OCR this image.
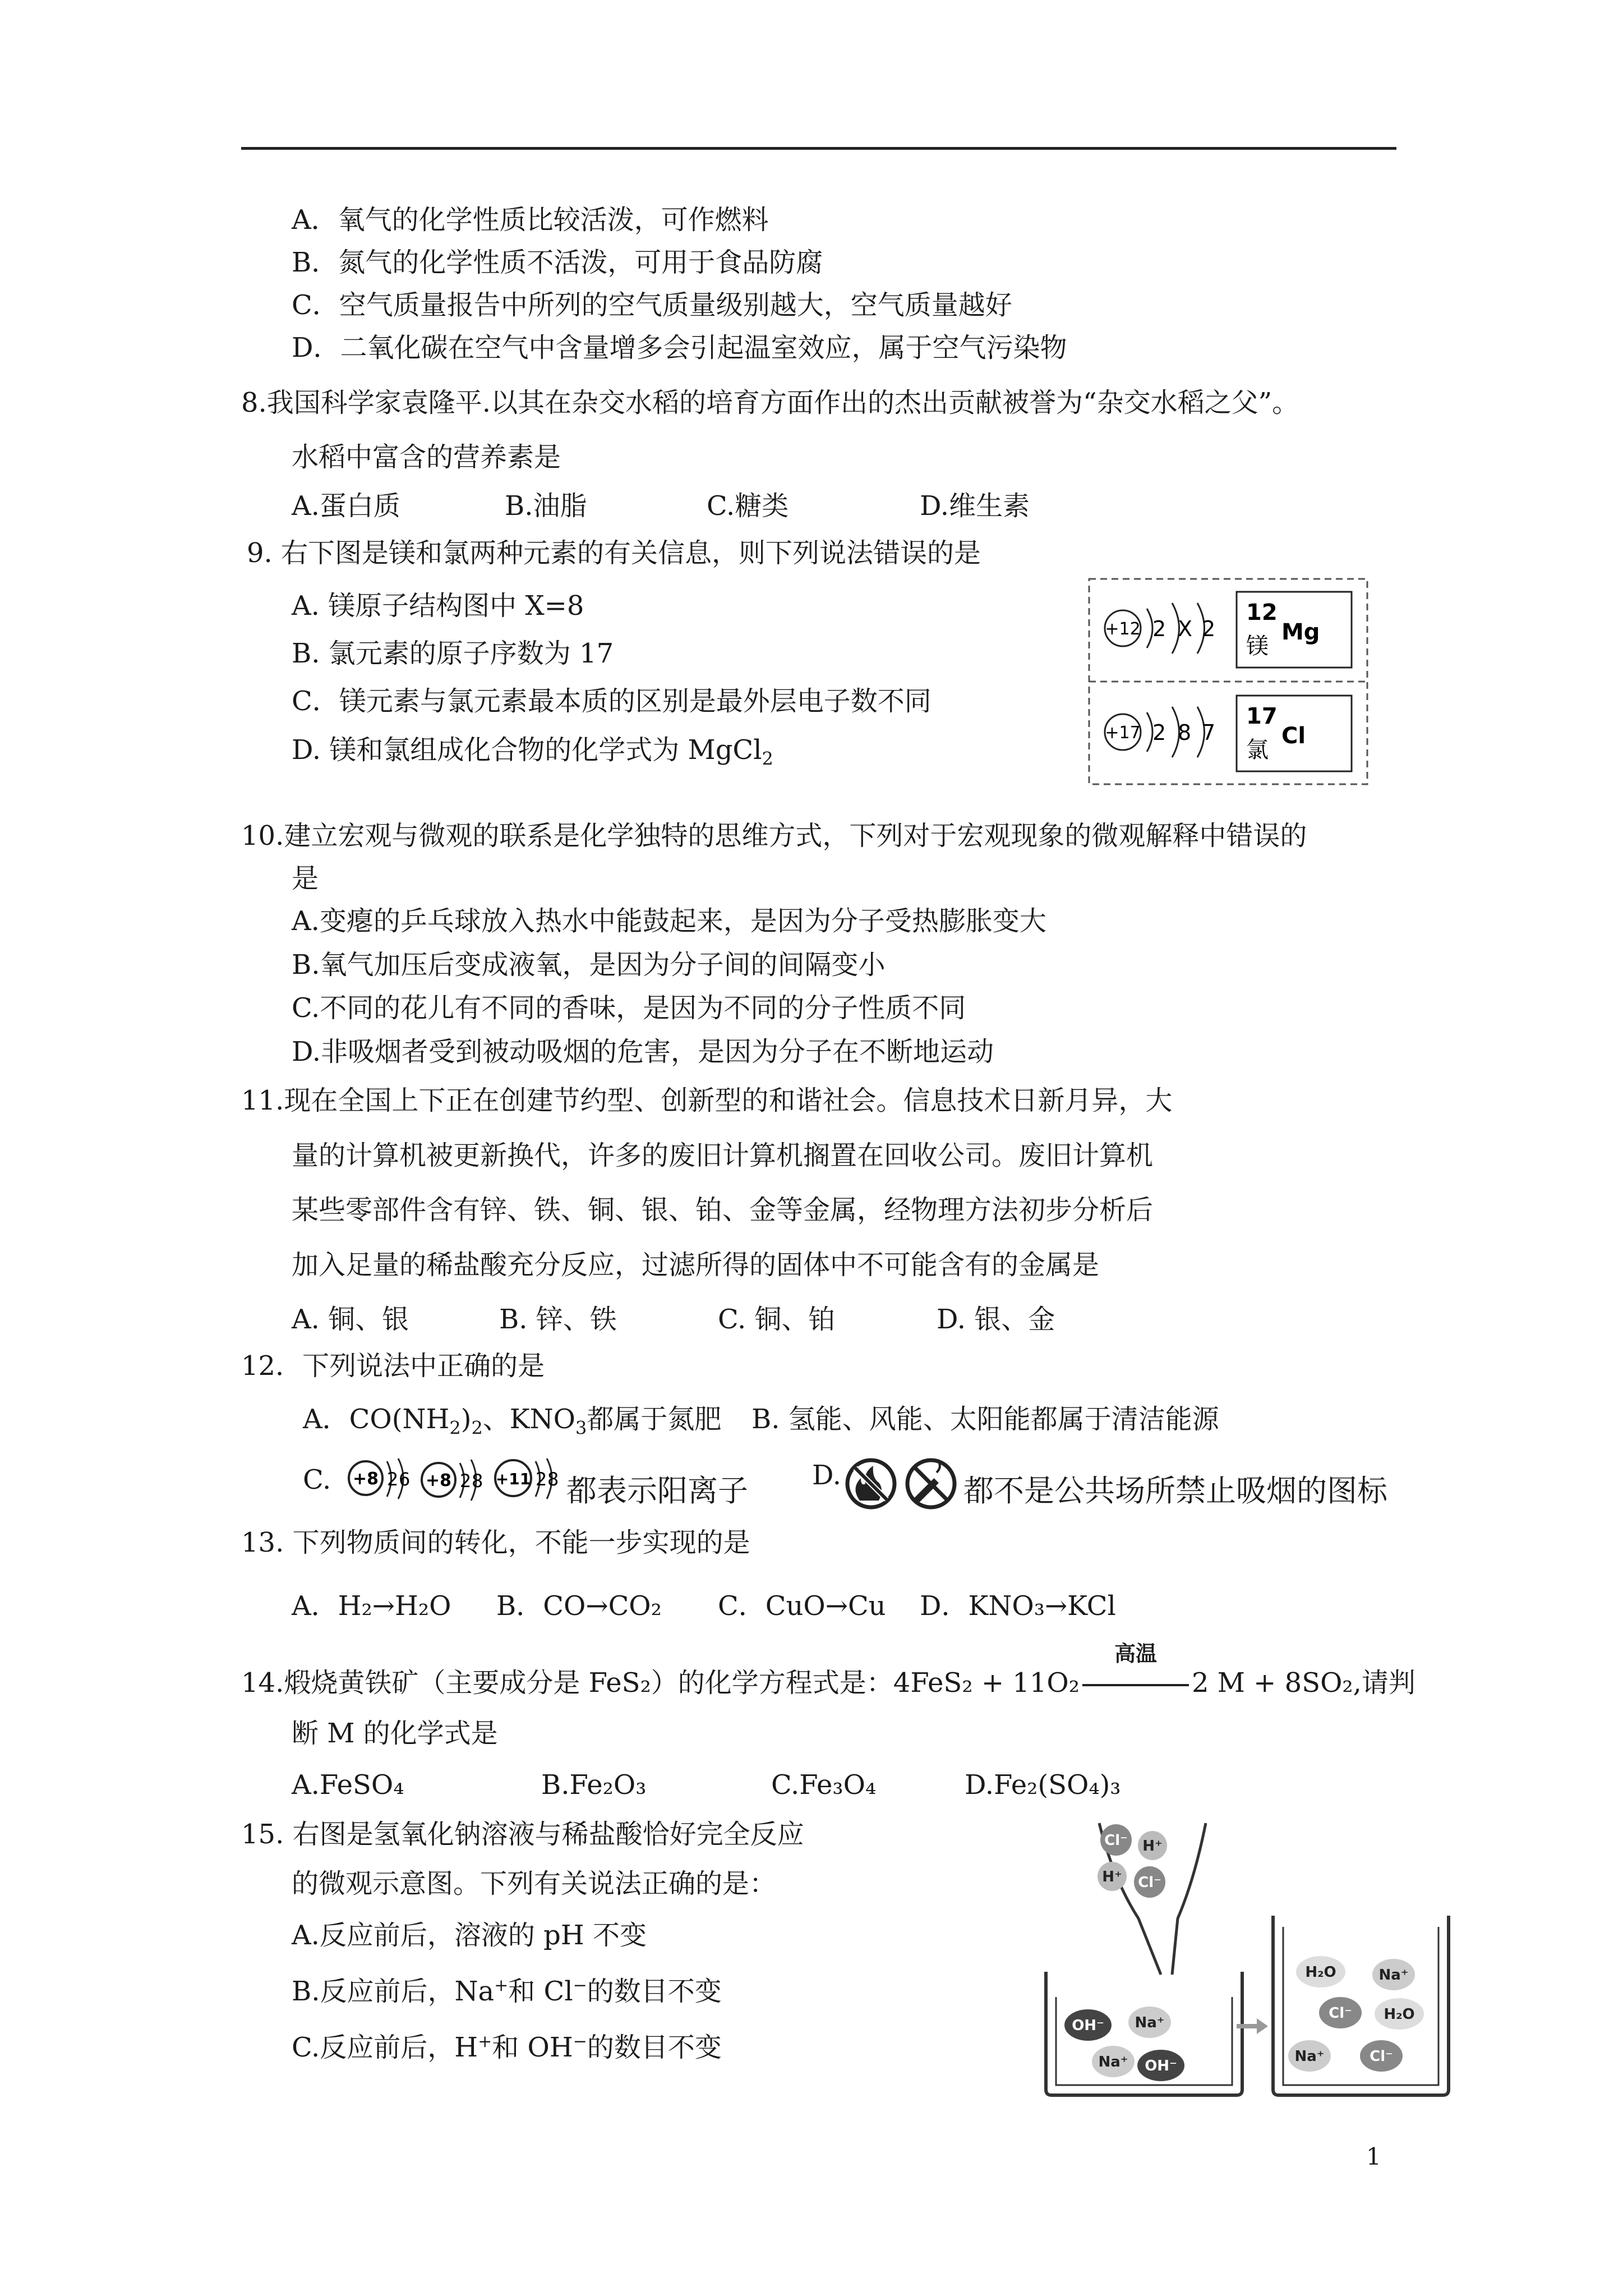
A．氧气的化学性质比较活泼，可作燃料
B．氮气的化学性质不活泼，可用于食品防腐
C．空气质量报告中所列的空气质量级别越大，空气质量越好
D．二氧化碳在空气中含量增多会引起温室效应，属于空气污染物
8.我国科学家袁隆平.以其在杂交水稻的培育方面作出的杰出贡献被誉为“杂交水稻之父”。
水稻中富含的营养素是
A.蛋白质	B.油脂	C.糖类	D.维生素
9. 右下图是镁和氯两种元素的有关信息，则下列说法错误的是
A. 镁原子结构图中 X=8
B. 氯元素的原子序数为 17
C．镁元素与氯元素最本质的区别是最外层电子数不同
D. 镁和氯组成化合物的化学式为 MgCl$_2$
+12 2 X 2
12
镁
Mg
+17 2 8 7
17
氯
Cl
10.建立宏观与微观的联系是化学独特的思维方式，下列对于宏观现象的微观解释中错误的
是
A.变瘪的乒乓球放入热水中能鼓起来，是因为分子受热膨胀变大
B.氧气加压后变成液氧，是因为分子间的间隔变小
C.不同的花儿有不同的香味，是因为不同的分子性质不同
D.非吸烟者受到被动吸烟的危害，是因为分子在不断地运动
11.现在全国上下正在创建节约型、创新型的和谐社会。信息技术日新月异，大
量的计算机被更新换代，许多的废旧计算机搁置在回收公司。废旧计算机
某些零部件含有锌、铁、铜、银、铂、金等金属，经物理方法初步分析后
加入足量的稀盐酸充分反应，过滤所得的固体中不可能含有的金属是
A. 铜、银	B. 锌、铁	C. 铜、铂	D. 银、金
12．下列说法中正确的是
A．$CO(NH_2)_2$、$KNO_3$都属于氮肥 B. 氢能、风能、太阳能都属于清洁能源
C. +8 2 6 +8 2 8 +11 2 8 都表示阳离子 D.	都不是公共场所禁止吸烟的图标
13. 下列物质间的转化，不能一步实现的是
A．H₂→H₂O B．CO→CO₂ C．CuO→Cu D．KNO₃→KCl
14.煅烧黄铁矿（主要成分是 FeS₂）的化学方程式是：4FeS₂ + 11O₂
高温
2 M + 8SO₂,请判
断 M 的化学式是
A.FeSO₄	B.Fe₂O₃	C.Fe₃O₄	D.Fe₂(SO₄)₃
15. 右图是氢氧化钠溶液与稀盐酸恰好完全反应
的微观示意图。下列有关说法正确的是：
A.反应前后，溶液的 pH 不变
B.反应前后，Na+和 Cl−的数目不变
C.反应前后，H+和 OH−的数目不变
Cl⁻ H⁺
H⁺ Cl⁻
OH⁻ Na⁺
Na⁺ OH⁻
H₂O	Na⁺
Cl⁻ H₂O
Na⁺	Cl⁻
1
